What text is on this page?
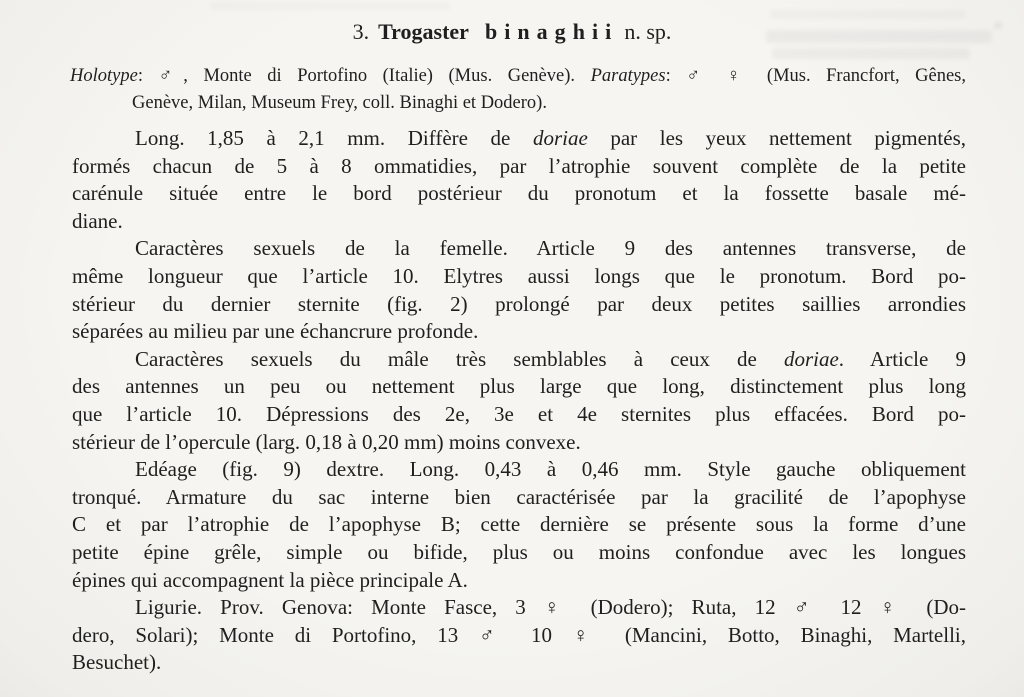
3. Trogaster binaghii n. sp.
Holotype: ♂, Monte di Portofino (Italie) (Mus. Genève). Paratypes: ♂ ♀ (Mus. Francfort, Gênes,
Genève, Milan, Museum Frey, coll. Binaghi et Dodero).
Long. 1,85 à 2,1 mm. Diffère de doriae par les yeux nettement pigmentés,
formés chacun de 5 à 8 ommatidies, par l’atrophie souvent complète de la petite
carénule située entre le bord postérieur du pronotum et la fossette basale mé-
diane.
Caractères sexuels de la femelle. Article 9 des antennes transverse, de
même longueur que l’article 10. Elytres aussi longs que le pronotum. Bord po-
stérieur du dernier sternite (fig. 2) prolongé par deux petites saillies arrondies
séparées au milieu par une échancrure profonde.
Caractères sexuels du mâle très semblables à ceux de doriae. Article 9
des antennes un peu ou nettement plus large que long, distinctement plus long
que l’article 10. Dépressions des 2e, 3e et 4e sternites plus effacées. Bord po-
stérieur de l’opercule (larg. 0,18 à 0,20 mm) moins convexe.
Edéage (fig. 9) dextre. Long. 0,43 à 0,46 mm. Style gauche obliquement
tronqué. Armature du sac interne bien caractérisée par la gracilité de l’apophyse
C et par l’atrophie de l’apophyse B; cette dernière se présente sous la forme d’une
petite épine grêle, simple ou bifide, plus ou moins confondue avec les longues
épines qui accompagnent la pièce principale A.
Ligurie. Prov. Genova: Monte Fasce, 3 ♀ (Dodero); Ruta, 12 ♂ 12 ♀ (Do-
dero, Solari); Monte di Portofino, 13 ♂ 10 ♀ (Mancini, Botto, Binaghi, Martelli,
Besuchet).
